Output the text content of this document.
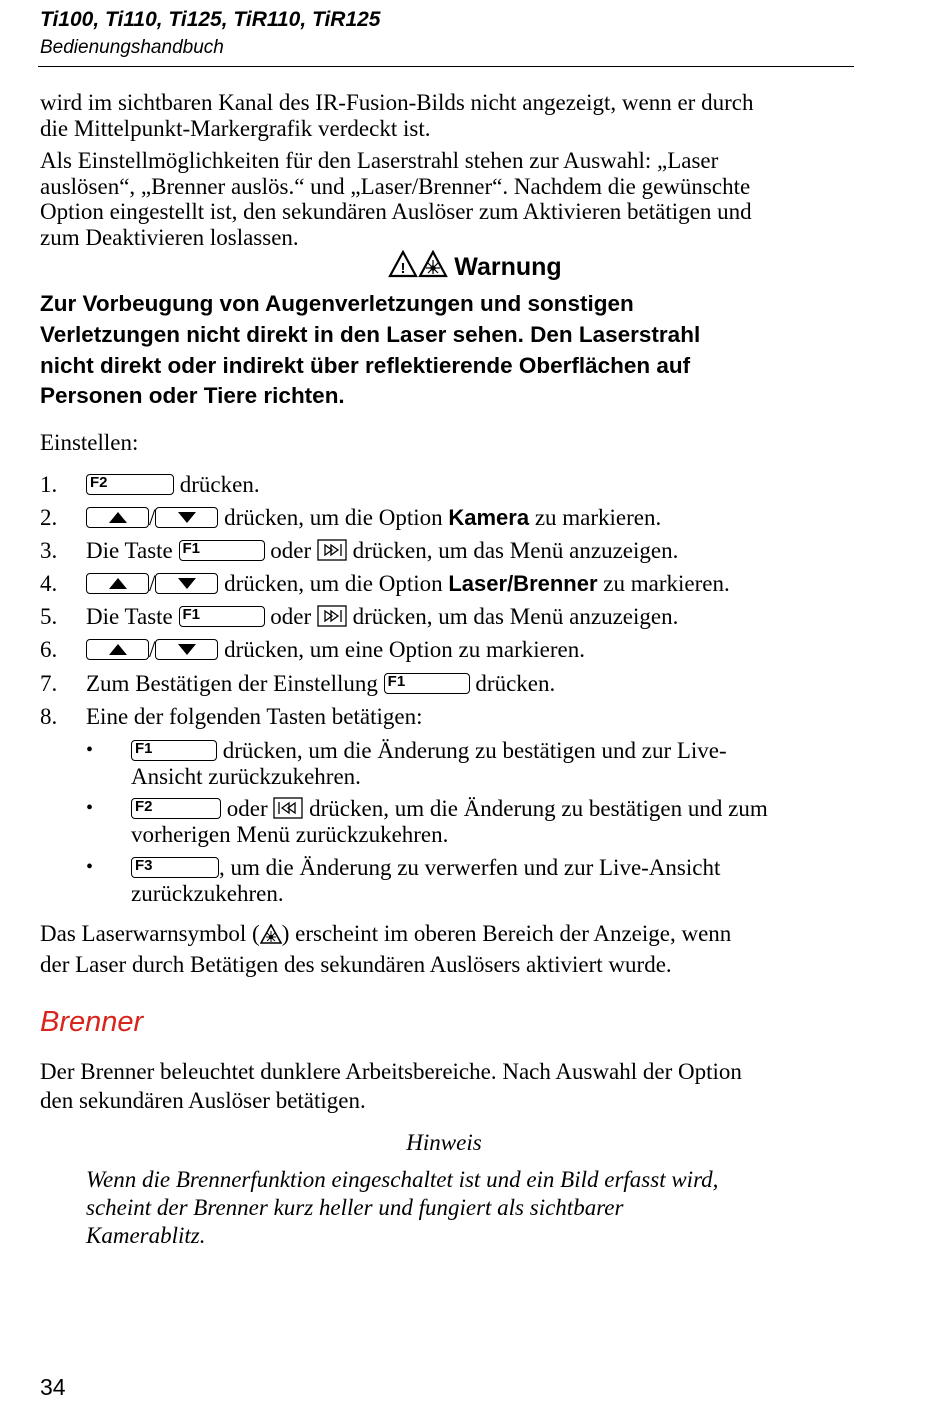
Ti100, Ti110, Ti125, TiR110, TiR125
Bedienungshandbuch
wird im sichtbaren Kanal des IR-Fusion-Bilds nicht angezeigt, wenn er durch
die Mittelpunkt-Markergrafik verdeckt ist.
Als Einstellmöglichkeiten für den Laserstrahl stehen zur Auswahl: „Laser
auslösen“, „Brenner auslös.“ und „Laser/Brenner“. Nachdem die gewünschte
Option eingestellt ist, den sekundären Auslöser zum Aktivieren betätigen und
zum Deaktivieren loslassen.
! Warnung
Zur Vorbeugung von Augenverletzungen und sonstigen
Verletzungen nicht direkt in den Laser sehen. Den Laserstrahl
nicht direkt oder indirekt über reflektierende Oberflächen auf
Personen oder Tiere richten.
Einstellen:
1.	F2	drücken.
2.	/	drücken, um die Option Kamera zu markieren.
3.	Die Taste F1	oder drücken, um das Menü anzuzeigen.
4.	/	drücken, um die Option Laser/Brenner zu markieren.
5.	Die Taste F1	oder drücken, um das Menü anzuzeigen.
6.	/	drücken, um eine Option zu markieren.
7.	Zum Bestätigen der Einstellung F1	drücken.
8.	Eine der folgenden Tasten betätigen:
•	F1	drücken, um die Änderung zu bestätigen und zur Live-
Ansicht zurückzukehren.
•	F2	oder drücken, um die Änderung zu bestätigen und zum
vorherigen Menü zurückzukehren.
•	F3	, um die Änderung zu verwerfen und zur Live-Ansicht
zurückzukehren.
Das Laserwarnsymbol ( ) erscheint im oberen Bereich der Anzeige, wenn
der Laser durch Betätigen des sekundären Auslösers aktiviert wurde.
Brenner
Der Brenner beleuchtet dunklere Arbeitsbereiche. Nach Auswahl der Option
den sekundären Auslöser betätigen.
Hinweis
Wenn die Brennerfunktion eingeschaltet ist und ein Bild erfasst wird,
scheint der Brenner kurz heller und fungiert als sichtbarer
Kamerablitz.
34
